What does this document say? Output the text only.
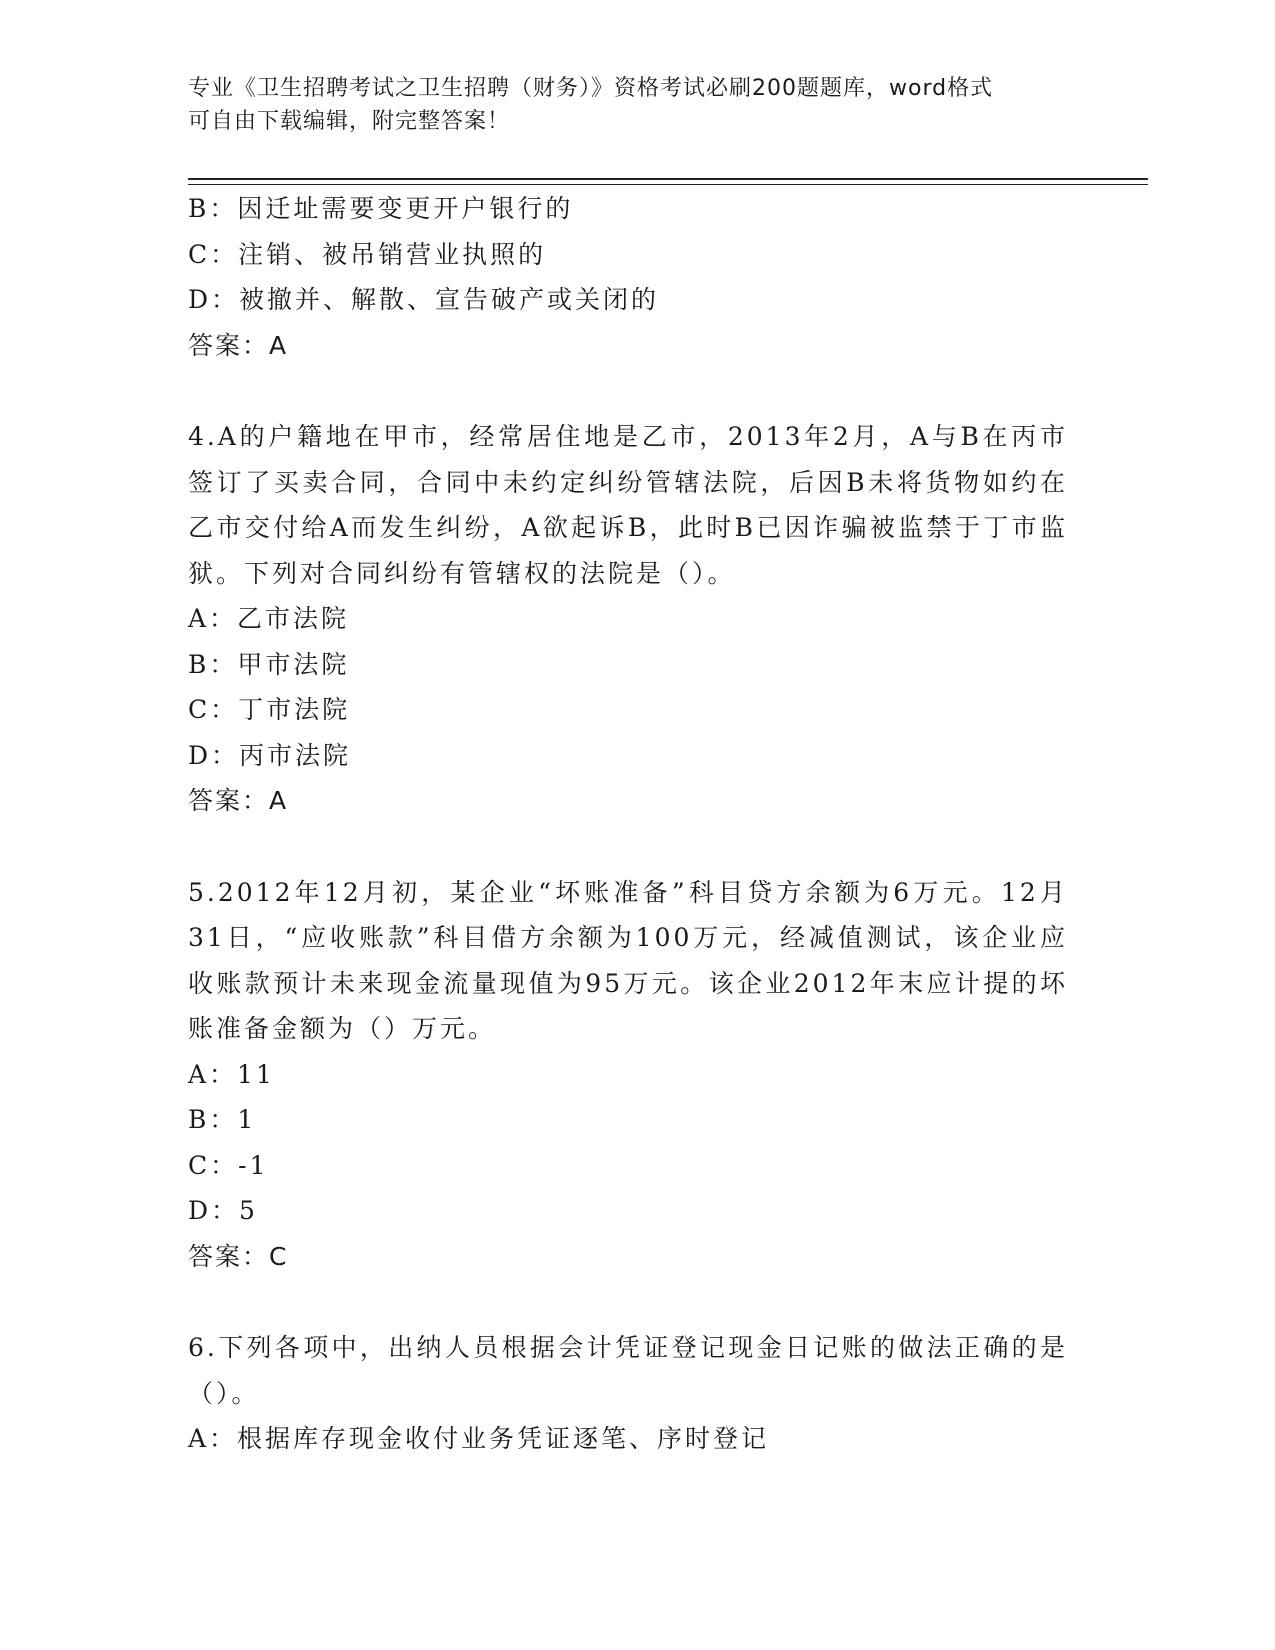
专业《卫生招聘考试之卫生招聘（财务）》资格考试必刷200题题库，word格式
可自由下载编辑，附完整答案！
B：因迁址需要变更开户银行的
C：注销、被吊销营业执照的
D：被撤并、解散、宣告破产或关闭的
答案：A
4.A的户籍地在甲市，经常居住地是乙市，2013年2月，A与B在丙市签订了买卖合同，合同中未约定纠纷管辖法院，后因B未将货物如约在乙市交付给A而发生纠纷，A欲起诉B，此时B已因诈骗被监禁于丁市监狱。下列对合同纠纷有管辖权的法院是（）。
A：乙市法院
B：甲市法院
C：丁市法院
D：丙市法院
答案：A
5.2012年12月初，某企业“坏账准备”科目贷方余额为6万元。12月31日，“应收账款”科目借方余额为100万元，经减值测试，该企业应收账款预计未来现金流量现值为95万元。该企业2012年末应计提的坏账准备金额为（）万元。
A：11
B：1
C：-1
D：5
答案：C
6.下列各项中，出纳人员根据会计凭证登记现金日记账的做法正确的是（）。
A：根据库存现金收付业务凭证逐笔、序时登记
